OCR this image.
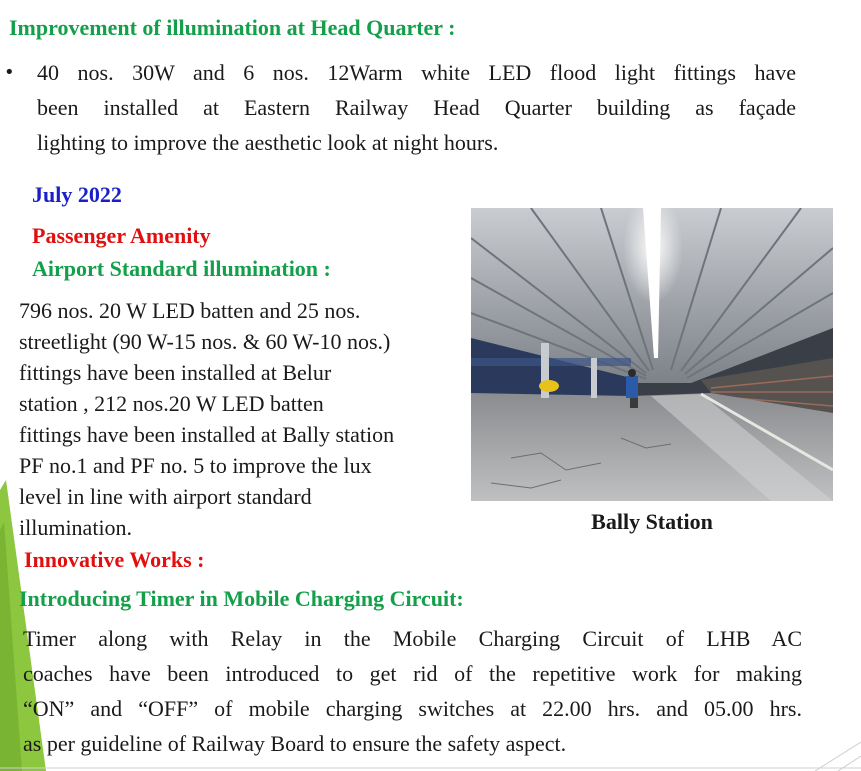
Improvement of illumination at Head Quarter :

• 40 nos. 30W and 6 nos. 12Warm white LED flood light fittings have
been installed at Eastern Railway Head Quarter building as façade
lighting to improve the aesthetic look at night hours.

July 2022

Passenger Amenity

Airport Standard illumination :

796 nos. 20 W LED batten and 25 nos.
streetlight (90 W-15 nos. & 60 W-10 nos.)
fittings have been installed at Belur
station , 212 nos.20 W LED batten
fittings have been installed at Bally station
PF no.1 and PF no. 5 to improve the lux
level in line with airport standard
illumination.	Bally Station

Innovative Works :

Introducing Timer in Mobile Charging Circuit:

Timer along with Relay in the Mobile Charging Circuit of LHB AC
coaches have been introduced to get rid of the repetitive work for making
“ON” and “OFF” of mobile charging switches at 22.00 hrs. and 05.00 hrs.
as per guideline of Railway Board to ensure the safety aspect.
